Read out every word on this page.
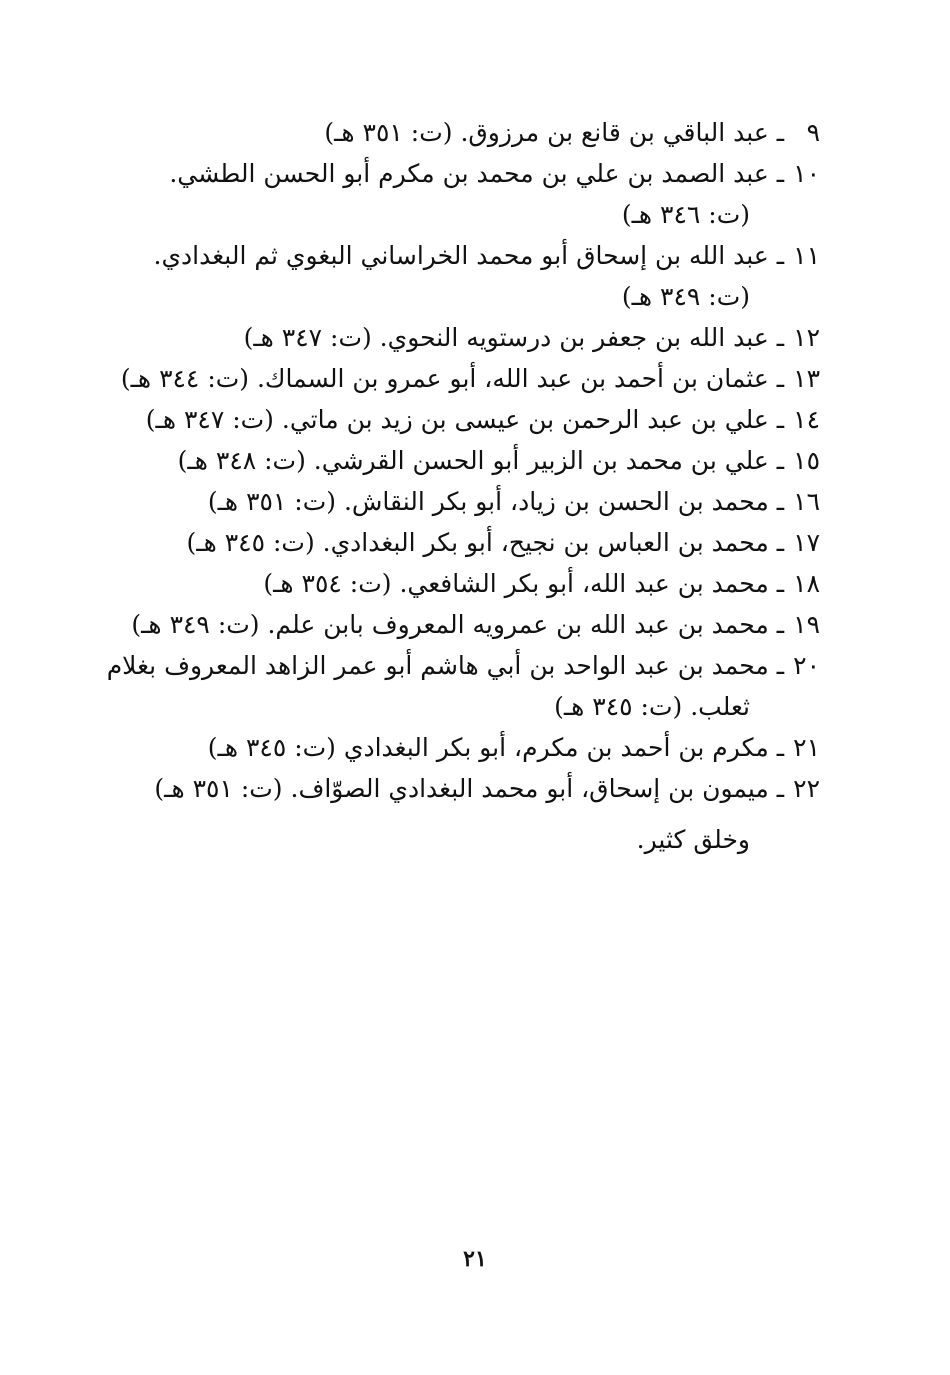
٩ ـ عبد الباقي بن قانع بن مرزوق. (ت: ٣٥١ هـ)

١٠ ـ عبد الصمد بن علي بن محمد بن مكرم أبو الحسن الطشي.
(ت: ٣٤٦ هـ)

١١ ـ عبد الله بن إسحاق أبو محمد الخراساني البغوي ثم البغدادي.
(ت: ٣٤٩ هـ)

١٢ ـ عبد الله بن جعفر بن درستويه النحوي. (ت: ٣٤٧ هـ)

١٣ ـ عثمان بن أحمد بن عبد الله، أبو عمرو بن السماك. (ت: ٣٤٤ هـ)

١٤ ـ علي بن عبد الرحمن بن عيسى بن زيد بن ماتي. (ت: ٣٤٧ هـ)

١٥ ـ علي بن محمد بن الزبير أبو الحسن القرشي. (ت: ٣٤٨ هـ)

١٦ ـ محمد بن الحسن بن زياد، أبو بكر النقاش. (ت: ٣٥١ هـ)

١٧ ـ محمد بن العباس بن نجيح، أبو بكر البغدادي. (ت: ٣٤٥ هـ)

١٨ ـ محمد بن عبد الله، أبو بكر الشافعي. (ت: ٣٥٤ هـ)

١٩ ـ محمد بن عبد الله بن عمرويه المعروف بابن علم. (ت: ٣٤٩ هـ)

٢٠ ـ محمد بن عبد الواحد بن أبي هاشم أبو عمر الزاهد المعروف بغلام
ثعلب. (ت: ٣٤٥ هـ)

٢١ ـ مكرم بن أحمد بن مكرم، أبو بكر البغدادي (ت: ٣٤٥ هـ)

٢٢ ـ ميمون بن إسحاق، أبو محمد البغدادي الصوّاف. (ت: ٣٥١ هـ)

وخلق كثير.

٢١
